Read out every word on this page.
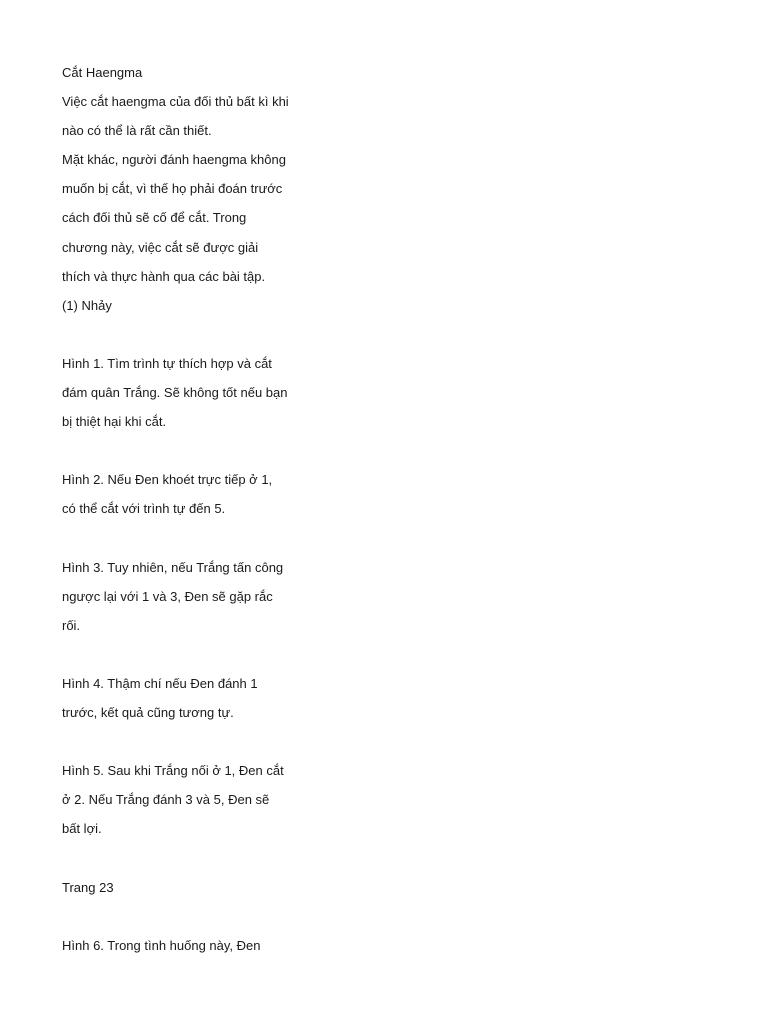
Cắt Haengma
Việc cắt haengma của đối thủ bất kì khi
nào có thể là rất cần thiết.
Mặt khác, người đánh haengma không
muốn bị cắt, vì thế họ phải đoán trước
cách đối thủ sẽ cố để cắt. Trong
chương này, việc cắt sẽ được giải
thích và thực hành qua các bài tập.
(1) Nhảy
Hình 1. Tìm trình tự thích hợp và cắt
đám quân Trắng. Sẽ không tốt nếu bạn
bị thiệt hại khi cắt.
Hình 2. Nếu Đen khoét trực tiếp ở 1,
có thể cắt với trình tự đến 5.
Hình 3. Tuy nhiên, nếu Trắng tấn công
ngược lại với 1 và 3, Đen sẽ gặp rắc
rối.
Hình 4. Thậm chí nếu Đen đánh 1
trước, kết quả cũng tương tự.
Hình 5. Sau khi Trắng nối ở 1, Đen cắt
ở 2. Nếu Trắng đánh 3 và 5, Đen sẽ
bất lợi.
Trang 23
Hình 6. Trong tình huống này, Đen
